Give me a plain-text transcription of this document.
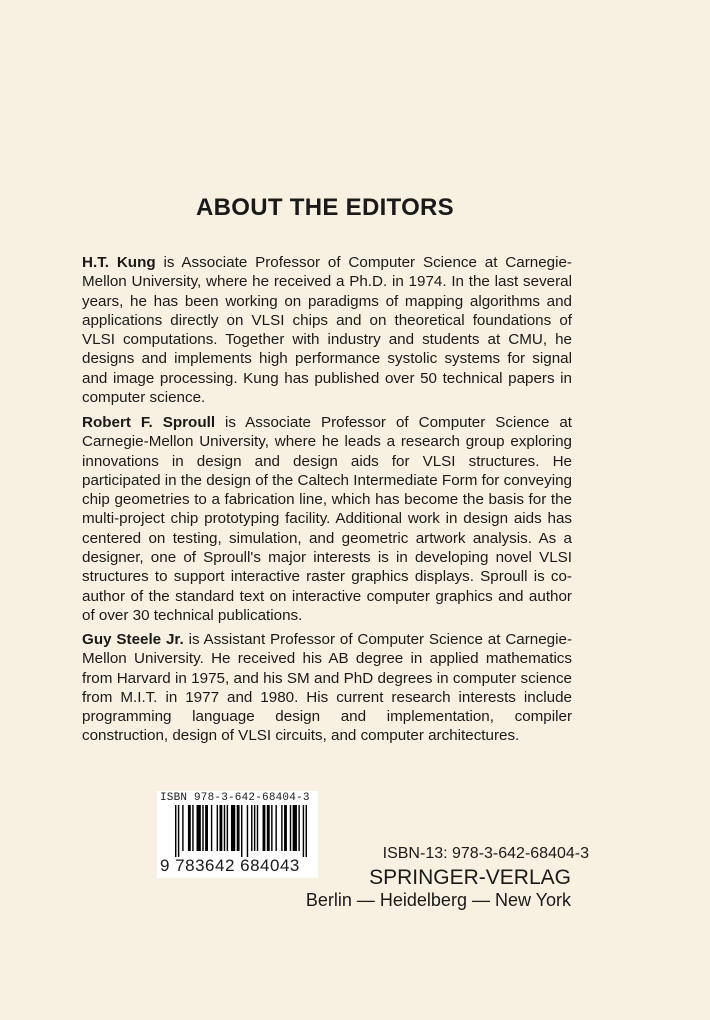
ABOUT THE EDITORS

H.T. Kung is Associate Professor of Computer Science at Carnegie-Mellon University, where he received a Ph.D. in 1974. In the last several years, he has been working on paradigms of mapping algorithms and applications directly on VLSI chips and on theoretical foundations of VLSI computations. Together with industry and students at CMU, he designs and implements high performance systolic systems for signal and image processing. Kung has published over 50 technical papers in computer science.

Robert F. Sproull is Associate Professor of Computer Science at Carnegie-Mellon University, where he leads a research group exploring innovations in design and design aids for VLSI structures. He participated in the design of the Caltech Intermediate Form for conveying chip geometries to a fabrication line, which has become the basis for the multi-project chip prototyping facility. Additional work in design aids has centered on testing, simulation, and geometric artwork analysis. As a designer, one of Sproull's major interests is in developing novel VLSI structures to support interactive raster graphics displays. Sproull is co-author of the standard text on interactive computer graphics and author of over 30 technical publications.

Guy Steele Jr. is Assistant Professor of Computer Science at Carnegie-Mellon University. He received his AB degree in applied mathematics from Harvard in 1975, and his SM and PhD degrees in computer science from M.I.T. in 1977 and 1980. His current research interests include programming language design and implementation, compiler construction, design of VLSI circuits, and computer architectures.

ISBN 978-3-642-68404-3
9 783642 684043
ISBN-13: 978-3-642-68404-3
SPRINGER-VERLAG
Berlin — Heidelberg — New York
